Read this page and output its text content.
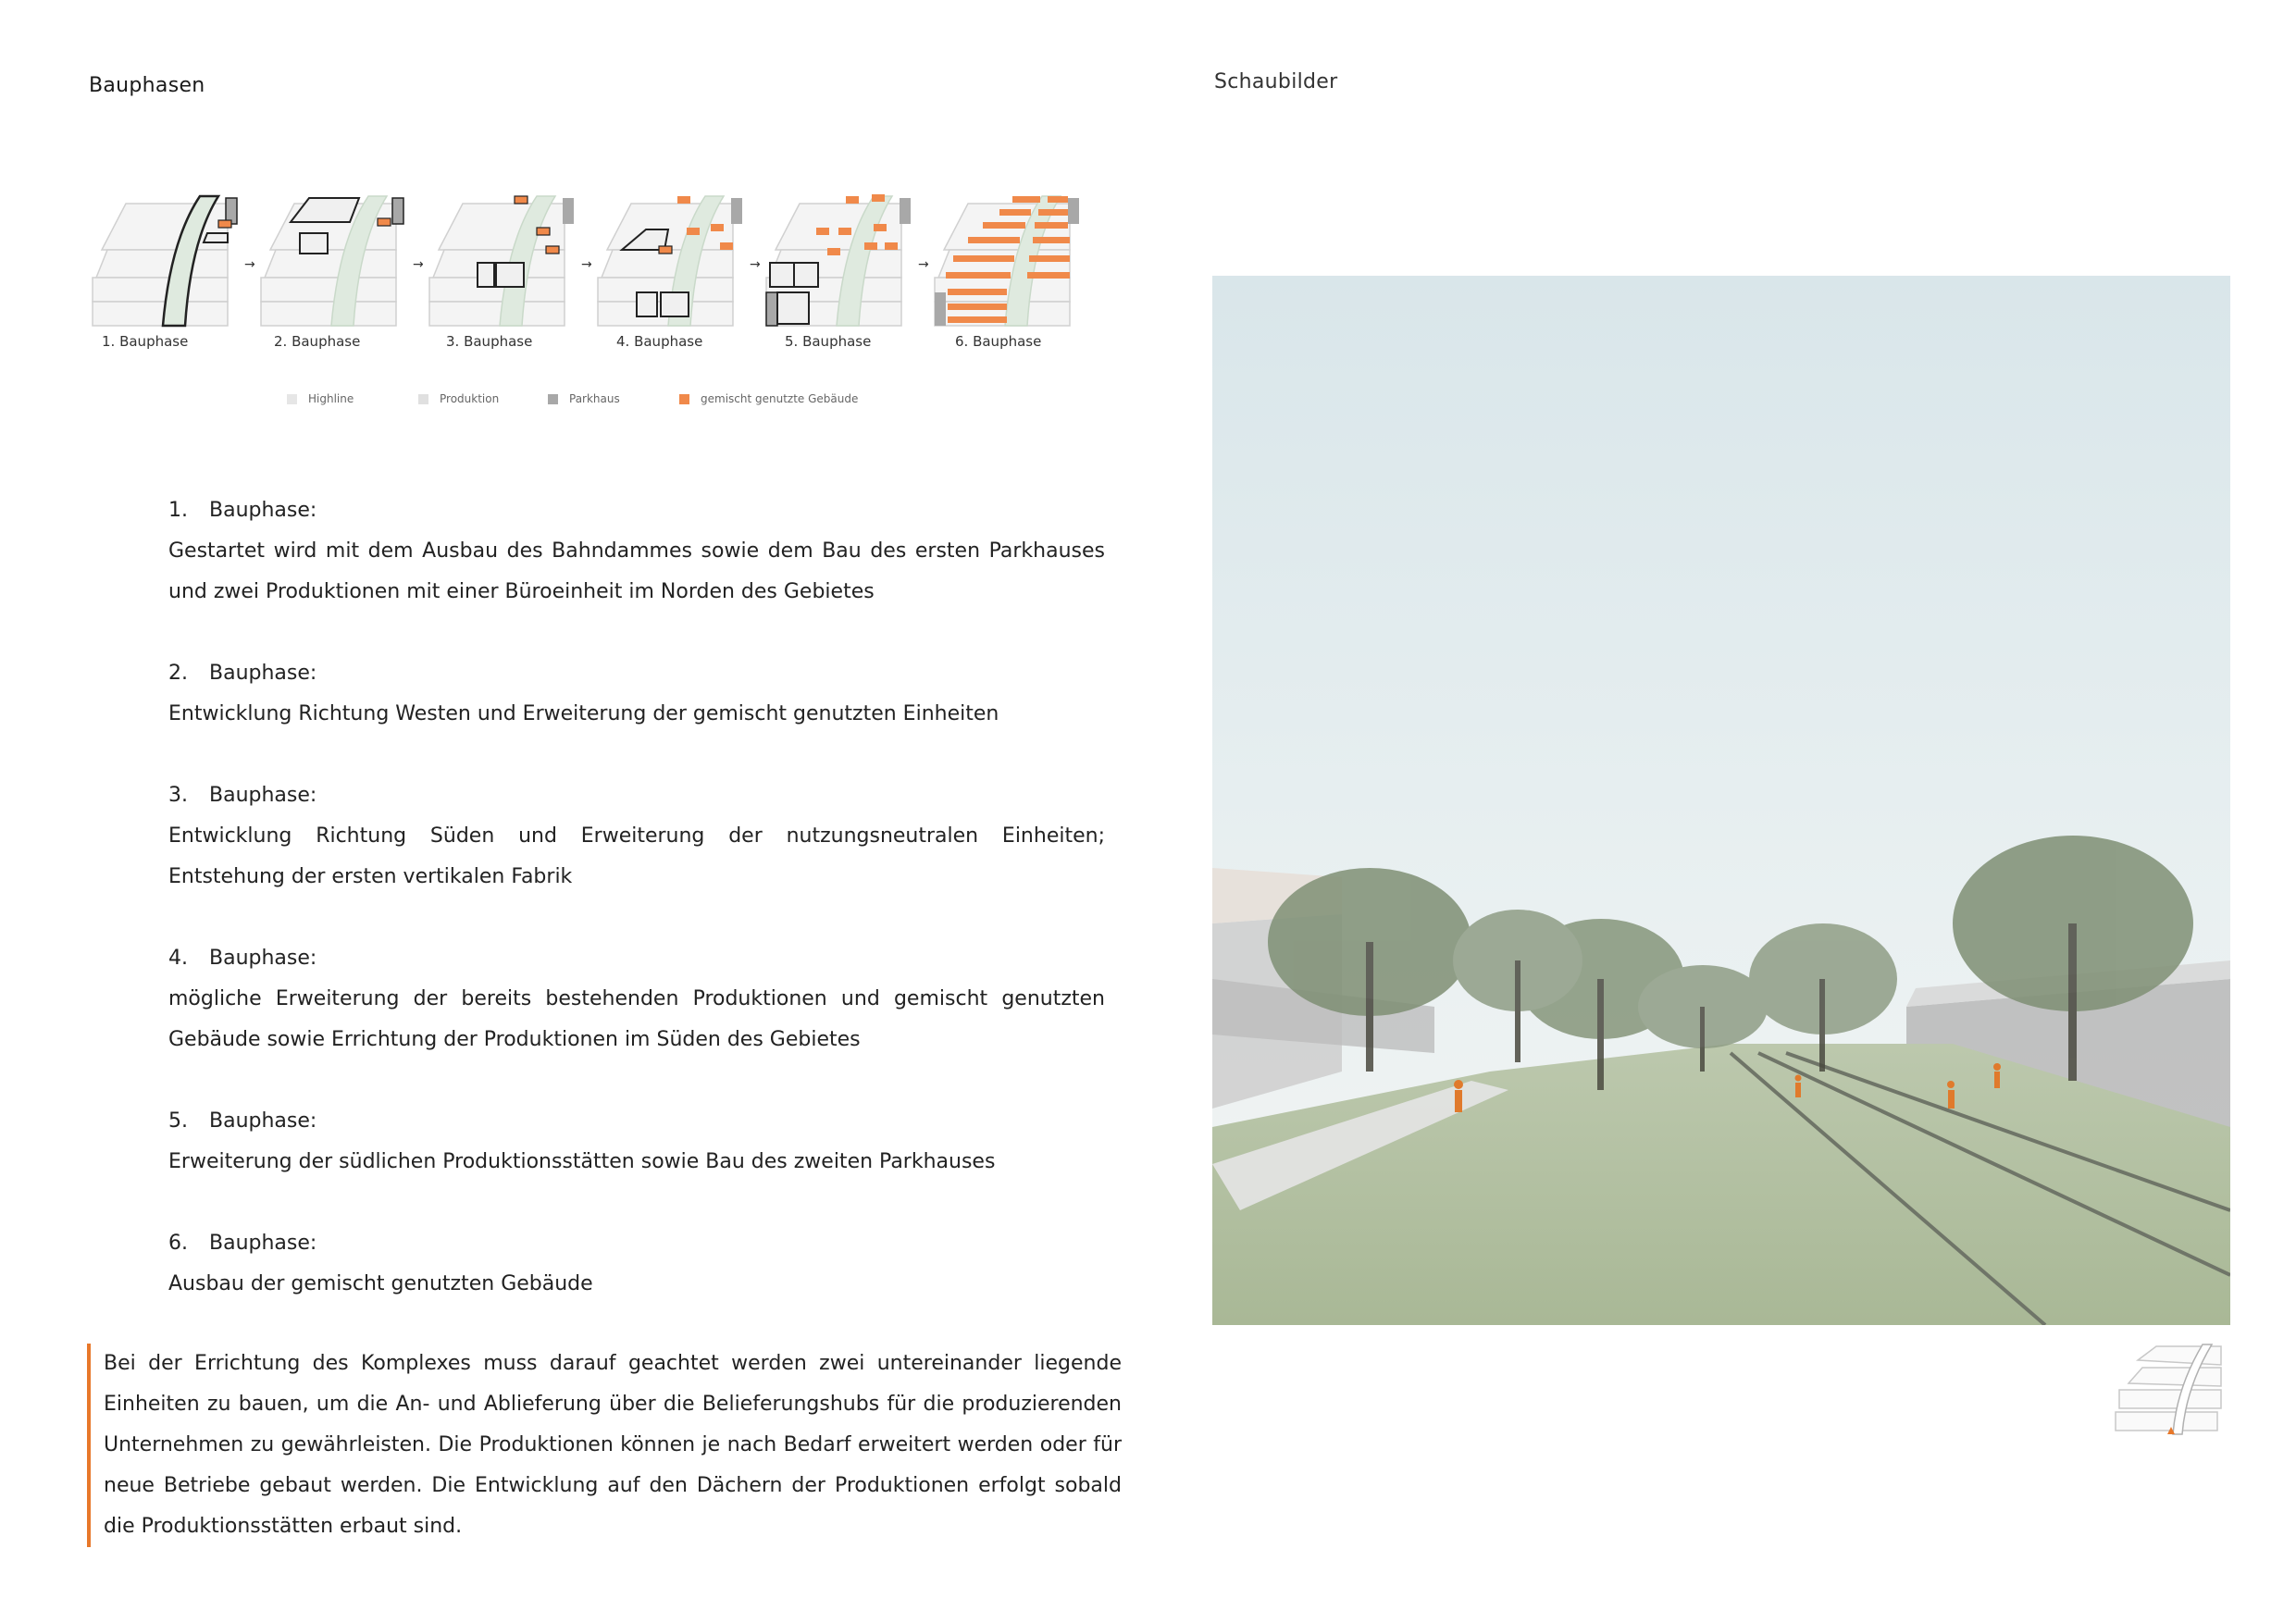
Bauphasen	Schaubilder
→	→	→	→	→
1. Bauphase	2. Bauphase	3. Bauphase	4. Bauphase	5. Bauphase	6. Bauphase
Highline	Produktion	Parkhaus	gemischt genutzte Gebäude
1.	Bauphase:
Gestartet wird mit dem Ausbau des Bahndammes sowie dem Bau des ersten Parkhauses und zwei Produktionen mit einer Büroeinheit im Norden des Gebietes
2.	Bauphase:
Entwicklung Richtung Westen und Erweiterung der gemischt genutzten Einheiten
3.	Bauphase:
Entwicklung Richtung Süden und Erweiterung der nutzungsneutralen Einheiten; Entstehung der ersten vertikalen Fabrik
4.	Bauphase:
mögliche Erweiterung der bereits bestehenden Produktionen und gemischt genutzten Gebäude sowie Errichtung der Produktionen im Süden des Gebietes
5.	Bauphase:
Erweiterung der südlichen Produktionsstätten sowie Bau des zweiten Parkhauses
6.	Bauphase:
Ausbau der gemischt genutzten Gebäude
Bei der Errichtung des Komplexes muss darauf geachtet werden zwei untereinander liegende Einheiten zu bauen, um die An- und Ablieferung über die Belieferungshubs für die produzierenden Unternehmen zu gewährleisten. Die Produktionen können je nach Bedarf erweitert werden oder für neue Betriebe gebaut werden. Die Entwicklung auf den Dächern der Produktionen erfolgt sobald die Produktionsstätten erbaut sind.
